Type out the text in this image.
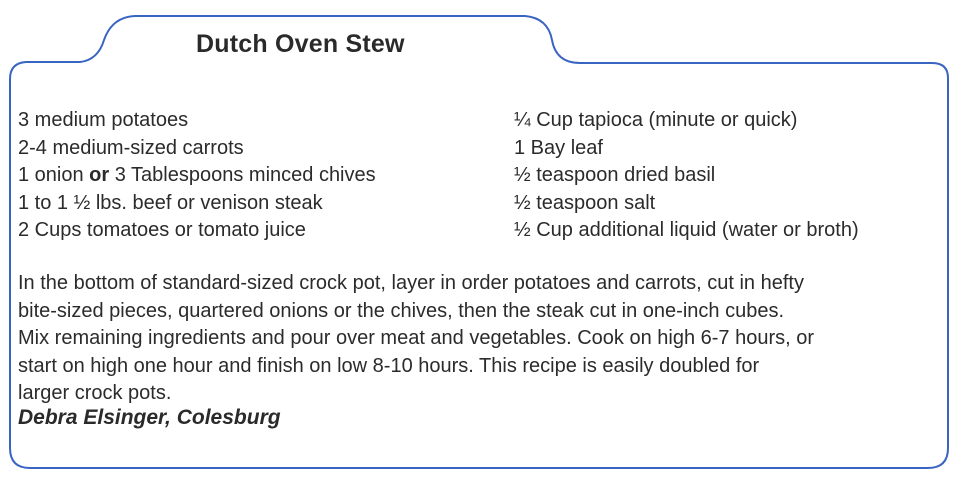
Dutch Oven Stew
3 medium potatoes
2-4 medium-sized carrots
1 onion or 3 Tablespoons minced chives
1 to 1 ½ lbs. beef or venison steak
2 Cups tomatoes or tomato juice
¼ Cup tapioca (minute or quick)
1 Bay leaf
½ teaspoon dried basil
½ teaspoon salt
½ Cup additional liquid (water or broth)
In the bottom of standard-sized crock pot, layer in order potatoes and carrots, cut in hefty
bite-sized pieces, quartered onions or the chives, then the steak cut in one-inch cubes.
Mix remaining ingredients and pour over meat and vegetables. Cook on high 6-7 hours, or
start on high one hour and finish on low 8-10 hours. This recipe is easily doubled for
larger crock pots.
Debra Elsinger, Colesburg
